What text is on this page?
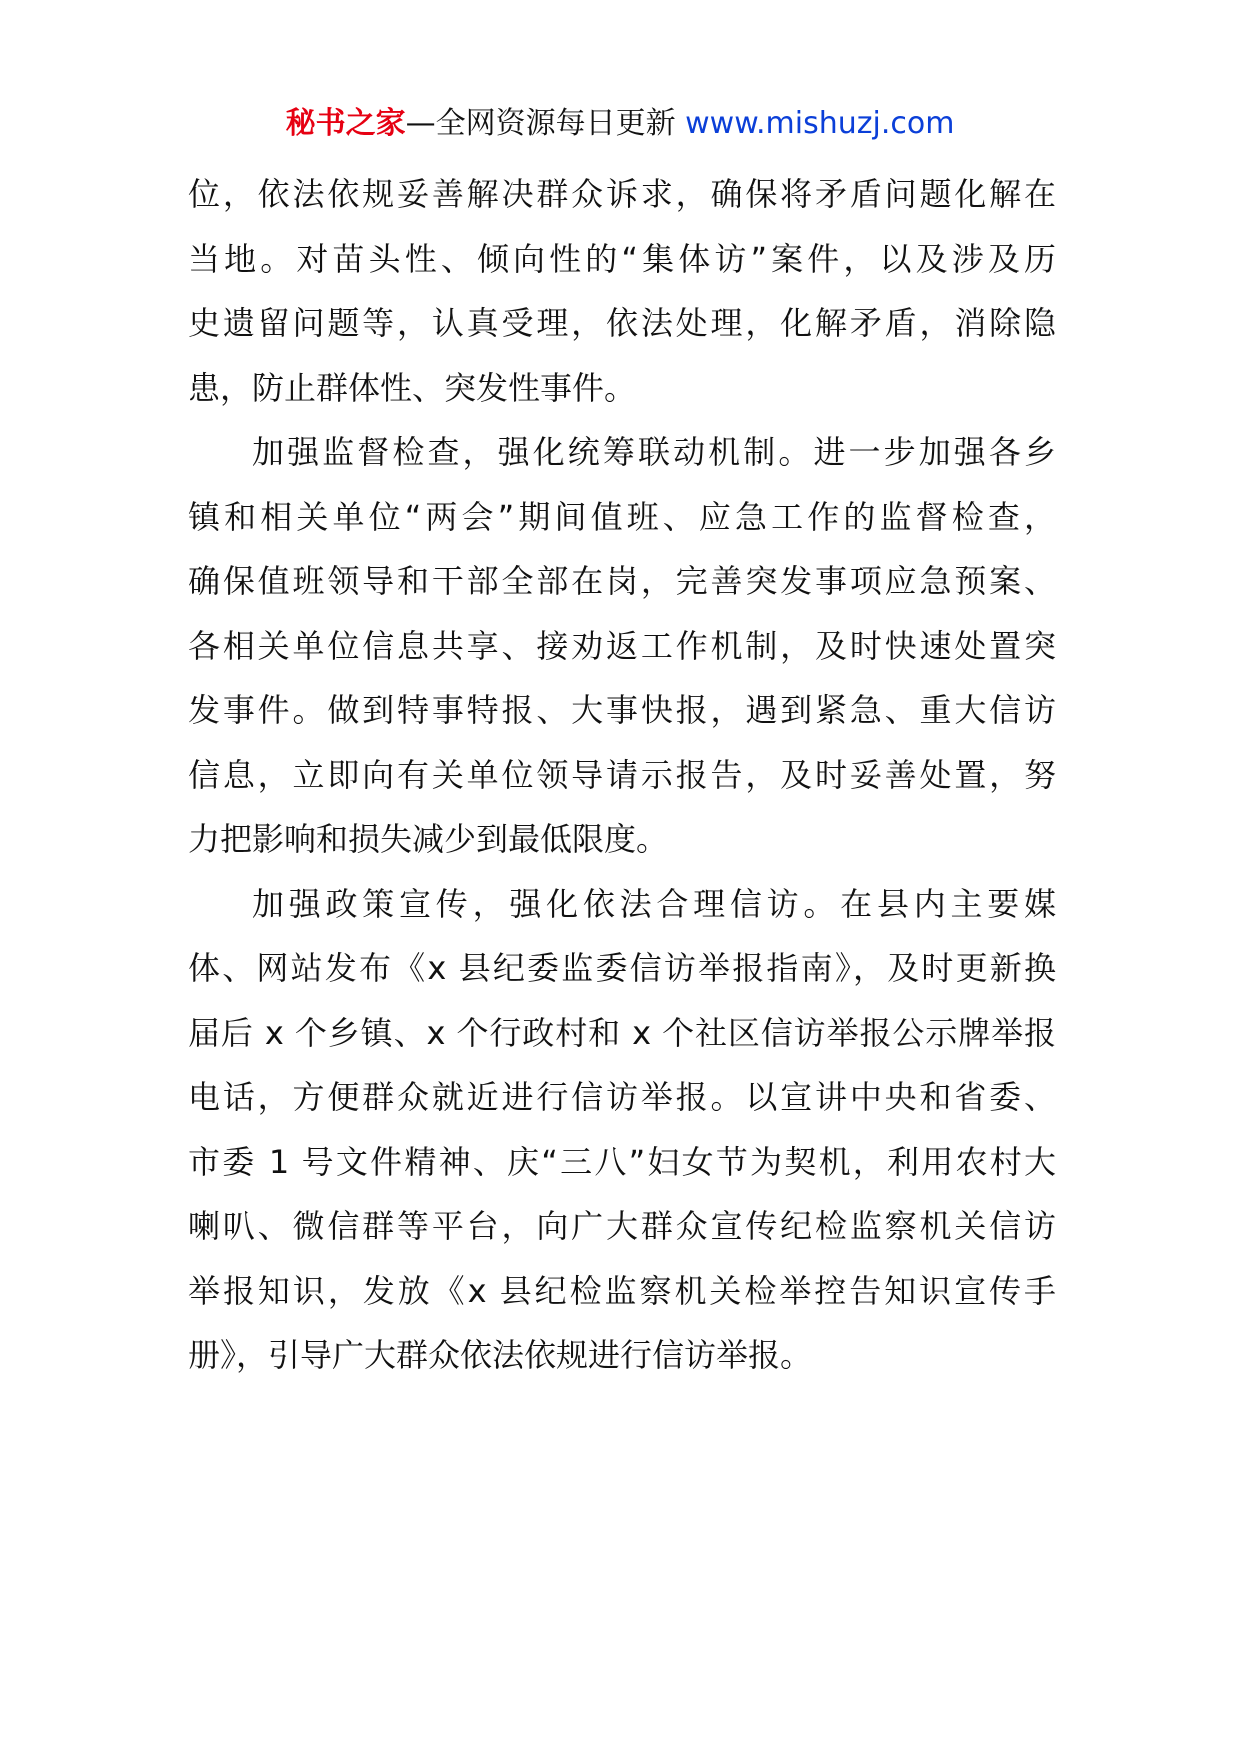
秘书之家—全网资源每日更新 www.mishuzj.com
位，依法依规妥善解决群众诉求，确保将矛盾问题化解在
当地。对苗头性、倾向性的“集体访”案件，以及涉及历
史遗留问题等，认真受理，依法处理，化解矛盾，消除隐
患，防止群体性、突发性事件。
加强监督检查，强化统筹联动机制。进一步加强各乡
镇和相关单位“两会”期间值班、应急工作的监督检查，
确保值班领导和干部全部在岗，完善突发事项应急预案、
各相关单位信息共享、接劝返工作机制，及时快速处置突
发事件。做到特事特报、大事快报，遇到紧急、重大信访
信息，立即向有关单位领导请示报告，及时妥善处置，努
力把影响和损失减少到最低限度。
加强政策宣传，强化依法合理信访。在县内主要媒
体、网站发布《x 县纪委监委信访举报指南》，及时更新换
届后 x 个乡镇、x 个行政村和 x 个社区信访举报公示牌举报
电话，方便群众就近进行信访举报。以宣讲中央和省委、
市委 1 号文件精神、庆“三八”妇女节为契机，利用农村大
喇叭、微信群等平台，向广大群众宣传纪检监察机关信访
举报知识，发放《x 县纪检监察机关检举控告知识宣传手
册》，引导广大群众依法依规进行信访举报。
